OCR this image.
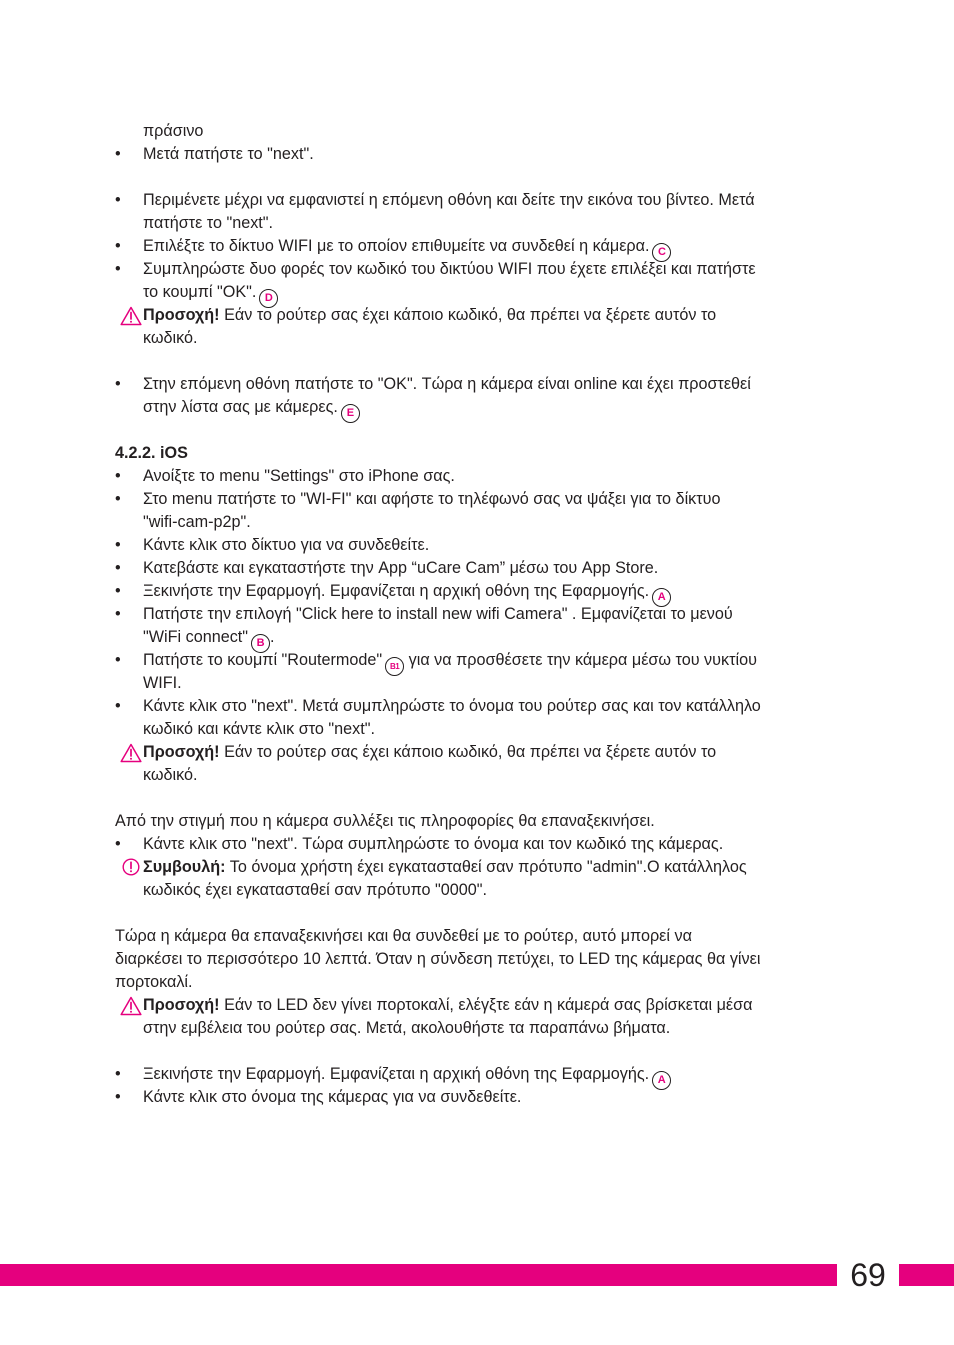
πράσινο
•	Μετά πατήστε το "next".
•	Περιμένετε μέχρι να εμφανιστεί η επόμενη οθόνη και δείτε την εικόνα του βίντεο. Μετά
πατήστε το "next".
•	Επιλέξτε το δίκτυο WIFI με το οποίον επιθυμείτε να συνδεθεί η κάμερα. C
•	Συμπληρώστε δυο φορές τον κωδικό του δικτύου WIFI που έχετε επιλέξει και πατήστε
το κουμπί "OK". D
Προσοχή! Εάν το ρούτερ σας έχει κάποιο κωδικό, θα πρέπει να ξέρετε αυτόν το
κωδικό.
•	Στην επόμενη οθόνη πατήστε το "OK". Τώρα η κάμερα είναι online και έχει προστεθεί
στην λίστα σας με κάμερες. E
4.2.2. iOS
•	Ανοίξτε το menu "Settings" στο iPhone σας.
•	Στο menu πατήστε το "WI-FI" και αφήστε το τηλέφωνό σας να ψάξει για το δίκτυο
"wifi-cam-p2p".
•	Κάντε κλικ στο δίκτυο για να συνδεθείτε.
•	Κατεβάστε και εγκαταστήστε την App “uCare Cam” μέσω του App Store.
•	Ξεκινήστε την Εφαρμογή. Εμφανίζεται η αρχική οθόνη της Εφαρμογής. A
•	Πατήστε την επιλογή "Click here to install new wifi Camera" . Εμφανίζεται το μενού
"WiFi connect" B .
•	Πατήστε το κουμπί "Routermode" B1 για να προσθέσετε την κάμερα μέσω του νυκτίου
WIFI.
•	Κάντε κλικ στο "next". Μετά συμπληρώστε το όνομα του ρούτερ σας και τον κατάλληλο
κωδικό και κάντε κλικ στο "next".
Προσοχή! Εάν το ρούτερ σας έχει κάποιο κωδικό, θα πρέπει να ξέρετε αυτόν το
κωδικό.
Από την στιγμή που η κάμερα συλλέξει τις πληροφορίες θα επαναξεκινήσει.
•	Κάντε κλικ στο "next". Τώρα συμπληρώστε το όνομα και τον κωδικό της κάμερας.
Συμβουλή: Το όνομα χρήστη έχει εγκατασταθεί σαν πρότυπο "admin".Ο κατάλληλος
κωδικός έχει εγκατασταθεί σαν πρότυπο "0000".
Τώρα η κάμερα θα επαναξεκινήσει και θα συνδεθεί με το ρούτερ, αυτό μπορεί να
διαρκέσει το περισσότερο 10 λεπτά. Όταν η σύνδεση πετύχει, το LED της κάμερας θα γίνει
πορτοκαλί.
Προσοχή! Εάν το LED δεν γίνει πορτοκαλί, ελέγξτε εάν η κάμερά σας βρίσκεται μέσα
στην εμβέλεια του ρούτερ σας. Μετά, ακολουθήστε τα παραπάνω βήματα.
•	Ξεκινήστε την Εφαρμογή. Εμφανίζεται η αρχική οθόνη της Εφαρμογής. A
•	Κάντε κλικ στο όνομα της κάμερας για να συνδεθείτε.
69
